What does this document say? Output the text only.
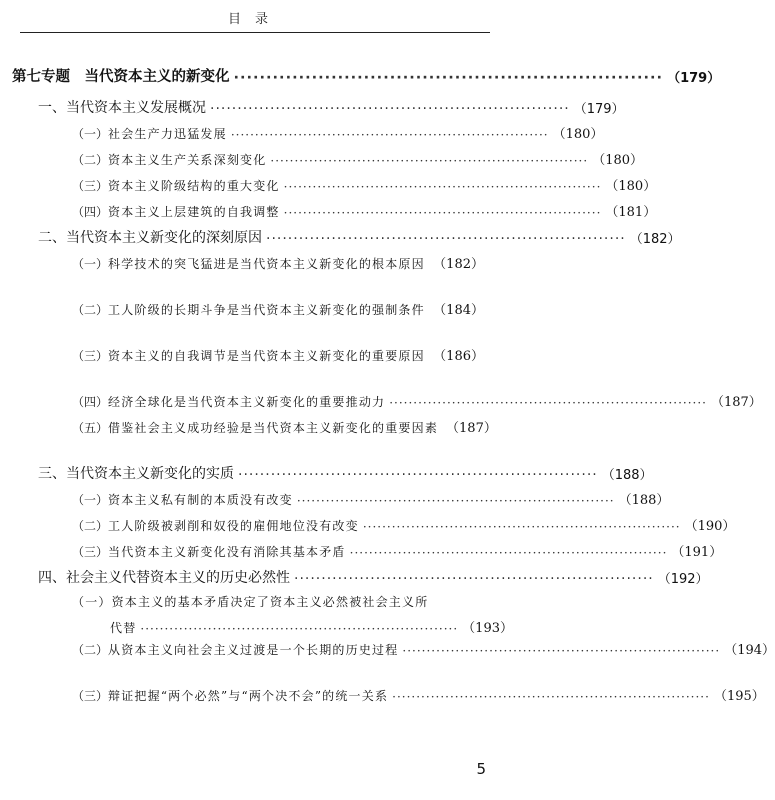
目录
第七专题　当代资本主义的新变化 ·································································· （179）
一、当代资本主义发展概况 ·································································· （179）
（一） 社会生产力迅猛发展 ·································································· （180）
（二） 资本主义生产关系深刻变化 ·································································· （180）
（三） 资本主义阶级结构的重大变化 ·································································· （180）
（四） 资本主义上层建筑的自我调整 ·································································· （181）
二、当代资本主义新变化的深刻原因 ·································································· （182）
（一） 科学技术的突飞猛进是当代资本主义新变化的根本原因 （182）
（二） 工人阶级的长期斗争是当代资本主义新变化的强制条件 （184）
（三） 资本主义的自我调节是当代资本主义新变化的重要原因 （186）
（四） 经济全球化是当代资本主义新变化的重要推动力 ·································································· （187）
（五） 借鉴社会主义成功经验是当代资本主义新变化的重要因素 （187）
三、当代资本主义新变化的实质 ·································································· （188）
（一） 资本主义私有制的本质没有改变 ·································································· （188）
（二） 工人阶级被剥削和奴役的雇佣地位没有改变 ·································································· （190）
（三） 当代资本主义新变化没有消除其基本矛盾 ·································································· （191）
四、社会主义代替资本主义的历史必然性 ·································································· （192）
（一）资本主义的基本矛盾决定了资本主义必然被社会主义所
代替 ·································································· （193）
（二） 从资本主义向社会主义过渡是一个长期的历史过程 ·································································· （194）
（三） 辩证把握“两个必然”与“两个决不会”的统一关系 ·································································· （195）
5
